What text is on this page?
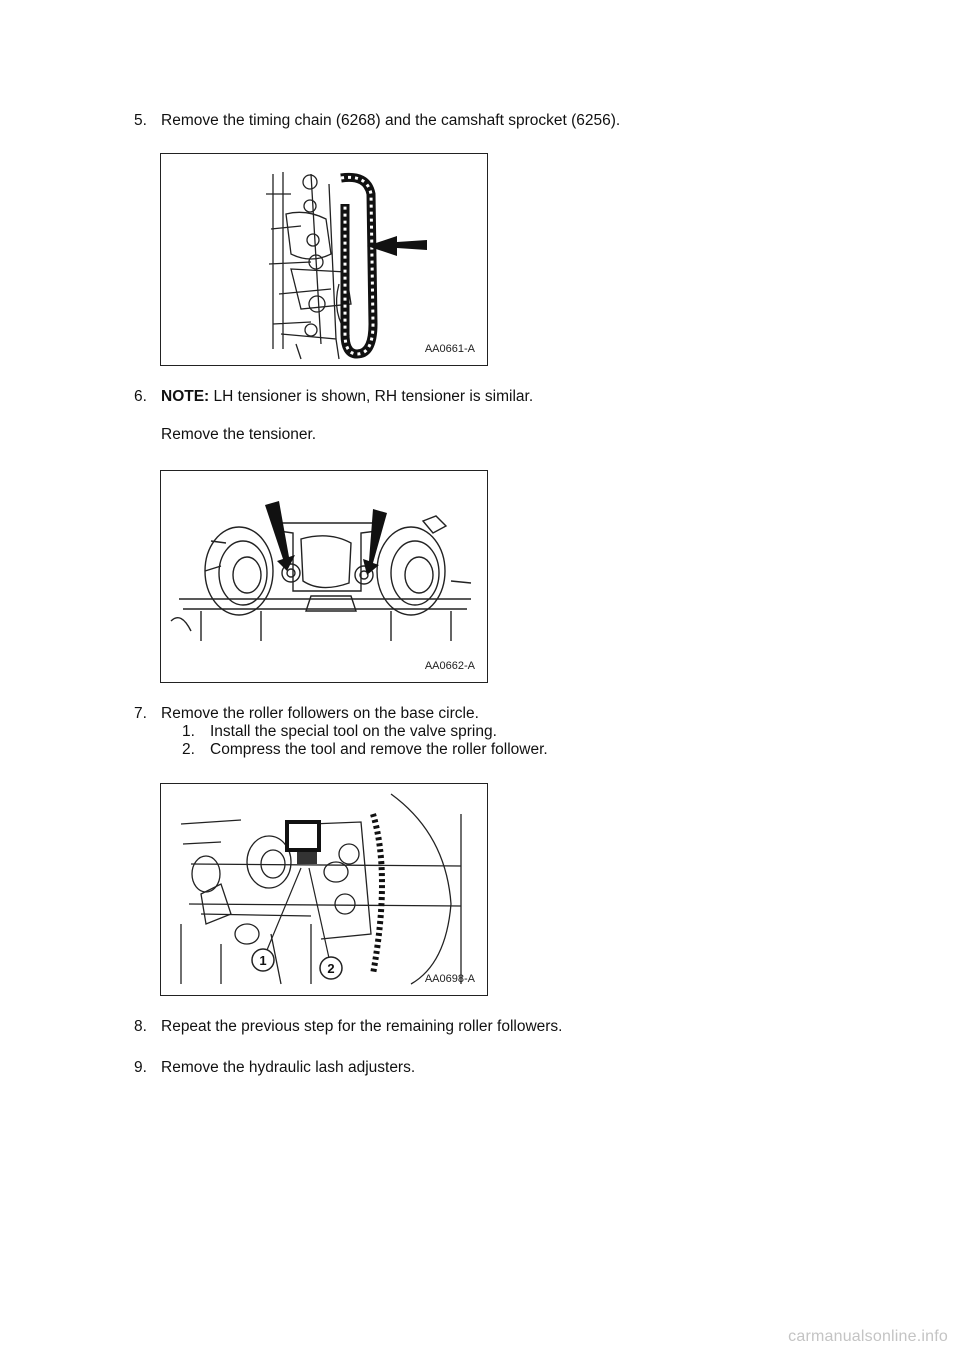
5. Remove the timing chain (6268) and the camshaft sprocket (6256).
AA0661-A
6. NOTE: LH tensioner is shown, RH tensioner is similar.
Remove the tensioner.
AA0662-A
7. Remove the roller followers on the base circle.
1. Install the special tool on the valve spring.
2. Compress the tool and remove the roller follower.
1
2
AA0698-A
8. Repeat the previous step for the remaining roller followers.
9. Remove the hydraulic lash adjusters.
carmanualsonline.info
